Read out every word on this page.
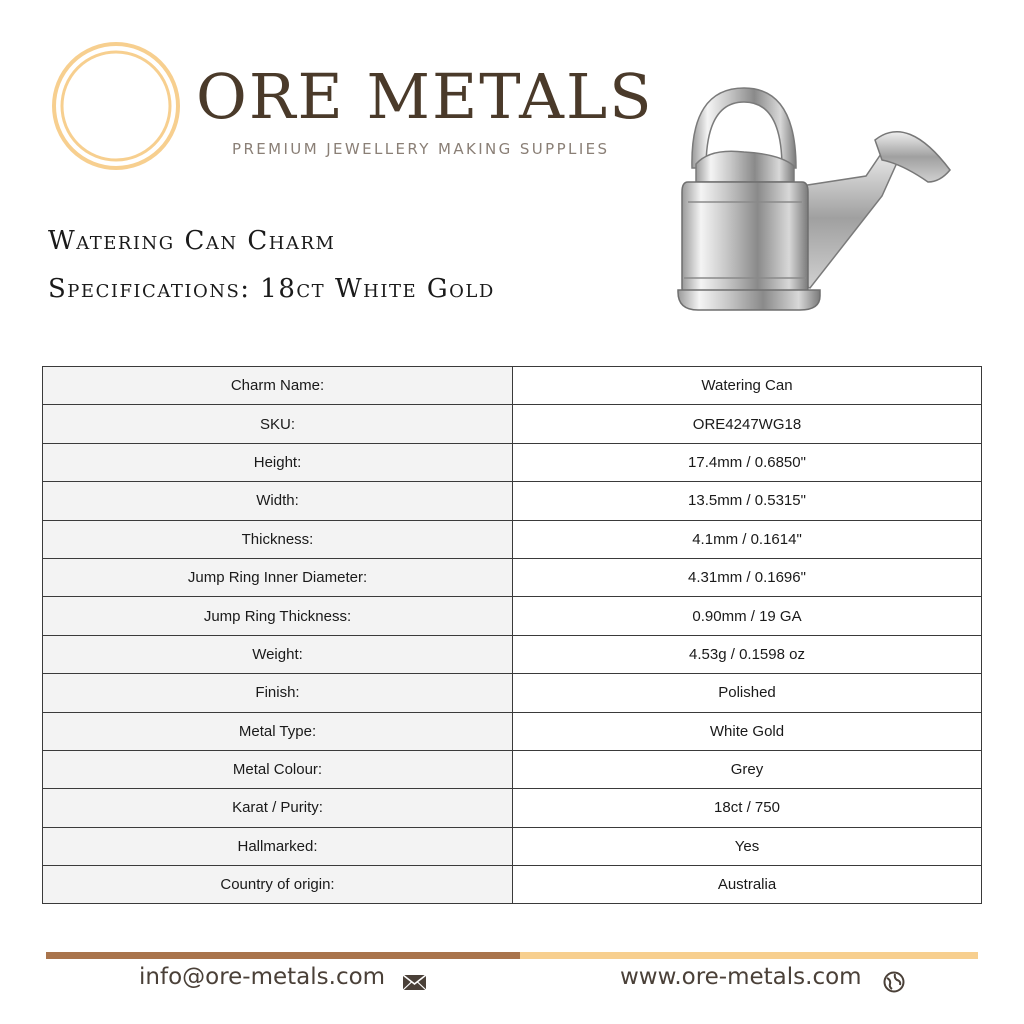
ORE METALS
PREMIUM JEWELLERY MAKING SUPPLIES
Watering Can Charm
Specifications: 18ct White Gold
Charm Name:	Watering Can
SKU:	ORE4247WG18
Height:	17.4mm / 0.6850"
Width:	13.5mm / 0.5315"
Thickness:	4.1mm / 0.1614"
Jump Ring Inner Diameter:	4.31mm / 0.1696"
Jump Ring Thickness:	0.90mm / 19 GA
Weight:	4.53g / 0.1598 oz
Finish:	Polished
Metal Type:	White Gold
Metal Colour:	Grey
Karat / Purity:	18ct / 750
Hallmarked:	Yes
Country of origin:	Australia
info@ore-metals.com	www.ore-metals.com
